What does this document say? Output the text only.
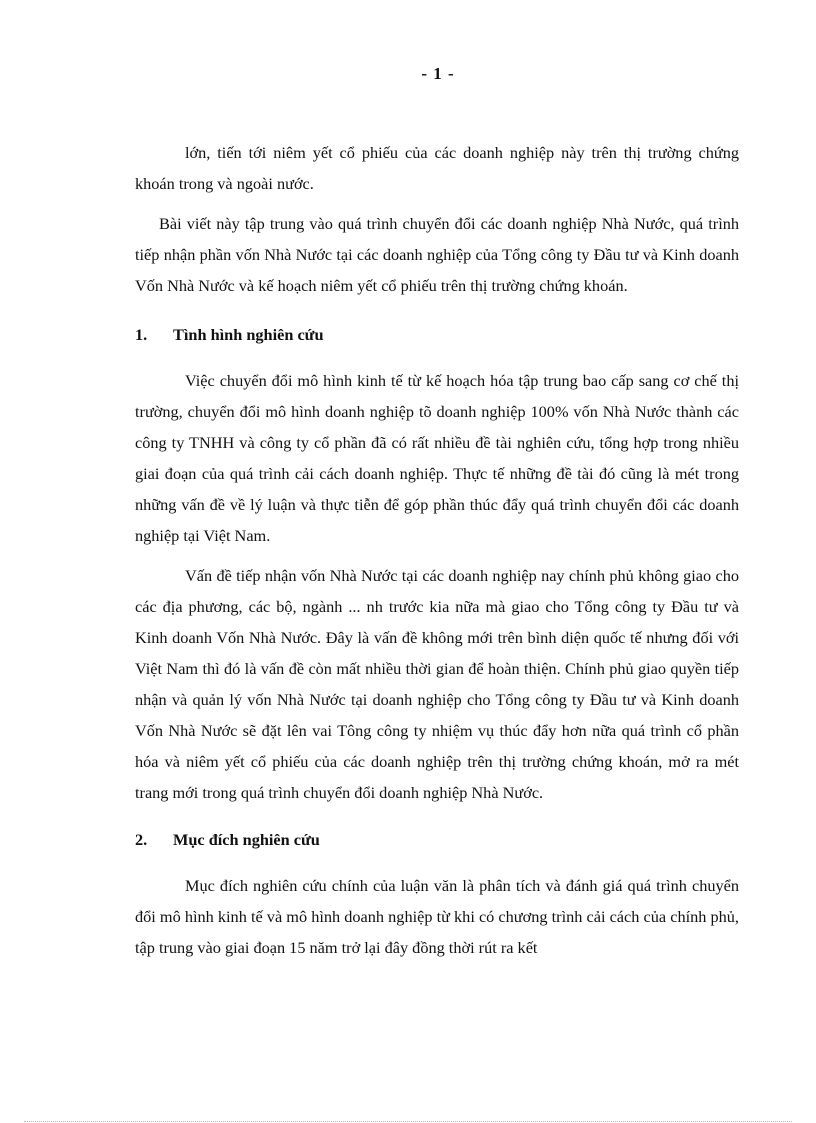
- 1 -

lớn, tiến tới niêm yết cổ phiếu của các doanh nghiệp này trên thị trường chứng khoán trong và ngoài nước.

Bài viết này tập trung vào quá trình chuyển đổi các doanh nghiệp Nhà Nước, quá trình tiếp nhận phần vốn Nhà Nước tại các doanh nghiệp của Tổng công ty Đầu tư và Kinh doanh Vốn Nhà Nước và kế hoạch niêm yết cổ phiếu trên thị trường chứng khoán.

1.	Tình hình nghiên cứu

Việc chuyển đổi mô hình kinh tế từ kế hoạch hóa tập trung bao cấp sang cơ chế thị trường, chuyển đổi mô hình doanh nghiệp tõ doanh nghiệp 100% vốn Nhà Nước thành các công ty TNHH và công ty cổ phần đã có rất nhiều đề tài nghiên cứu, tổng hợp trong nhiều giai đoạn của quá trình cải cách doanh nghiệp. Thực tế những đề tài đó cũng là mét trong những vấn đề về lý luận và thực tiễn để góp phần thúc đẩy quá trình chuyển đổi các doanh nghiệp tại Việt Nam.

Vấn đề tiếp nhận vốn Nhà Nước tại các doanh nghiệp nay chính phủ không giao cho các địa phương, các bộ, ngành ... nh trước kia nữa mà giao cho Tổng công ty Đầu tư và Kinh doanh Vốn Nhà Nước. Đây là vấn đề không mới trên bình diện quốc tế nhưng đối với Việt Nam thì đó là vấn đề còn mất nhiều thời gian để hoàn thiện. Chính phủ giao quyền tiếp nhận và quản lý vốn Nhà Nước tại doanh nghiệp cho Tổng công ty Đầu tư và Kinh doanh Vốn Nhà Nước sẽ đặt lên vai Tông công ty nhiệm vụ thúc đẩy hơn nữa quá trình cổ phần hóa và niêm yết cổ phiếu của các doanh nghiệp trên thị trường chứng khoán, mở ra mét trang mới trong quá trình chuyển đổi doanh nghiệp Nhà Nước.

2.	Mục đích nghiên cứu

Mục đích nghiên cứu chính của luận văn là phân tích và đánh giá quá trình chuyển đổi mô hình kinh tế và mô hình doanh nghiệp từ khi có chương trình cải cách của chính phủ, tập trung vào giai đoạn 15 năm trở lại đây đồng thời rút ra kết
